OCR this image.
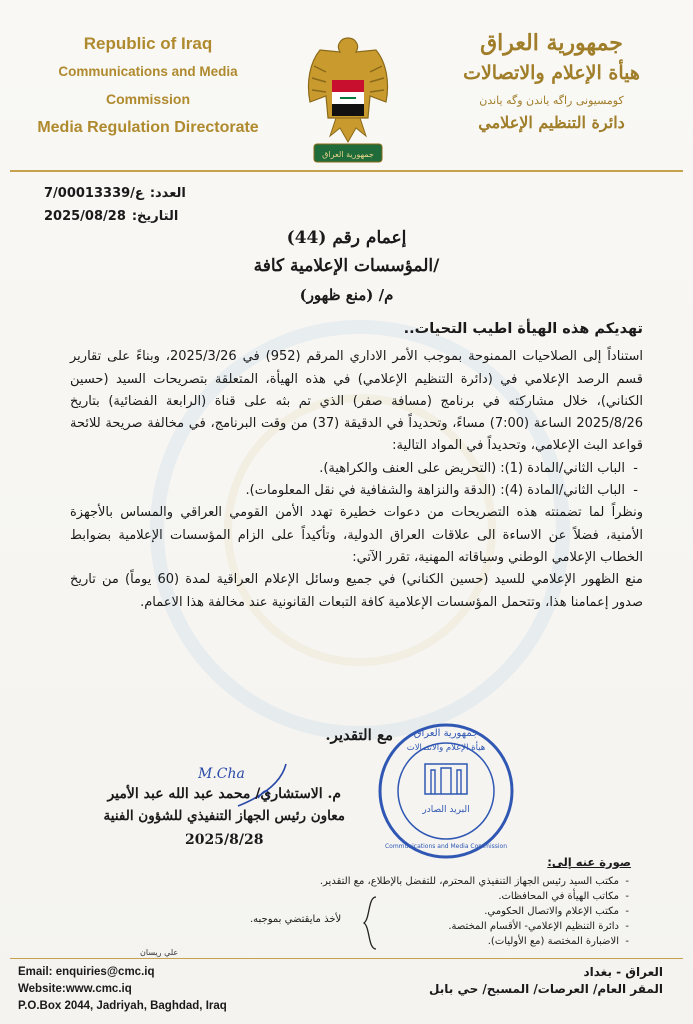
Republic of Iraq

Communications and Media

Commission

Media Regulation Directorate

جمهورية العراق

جمهورية العراق

هيأة الإعلام والاتصالات

كومسيونى راگه ياندن وگه ياندن

دائرة التنظيم الإعلامي

7/ع/00013339 العدد:
2025/08/28 التاريخ:

إعمام رقم (44)

/المؤسسات الإعلامية كافة

م/ (منع ظهور)

تهديكم هذه الهيأة اطيب التحيات..

استناداً إلى الصلاحيات الممنوحة بموجب الأمر الاداري المرقم (952) في 2025/3/26، وبناءً على تقارير قسم الرصد الإعلامي في (دائرة التنظيم الإعلامي) في هذه الهيأة، المتعلقة بتصريحات السيد (حسين الكناني)، خلال مشاركته في برنامج (مسافة صفر) الذي تم بثه على قناة (الرابعة الفضائية) بتاريخ 2025/8/26 الساعة (7:00) مساءً، وتحديداً في الدقيقة (37) من وقت البرنامج، في مخالفة صريحة للائحة قواعد البث الإعلامي، وتحديداً في المواد التالية:

- الباب الثاني/المادة (1): (التحريض على العنف والكراهية).
- الباب الثاني/المادة (4): (الدقة والنزاهة والشفافية في نقل المعلومات).

ونظراً لما تضمنته هذه التصريحات من دعوات خطيرة تهدد الأمن القومي العراقي والمساس بالأجهزة الأمنية، فضلاً عن الاساءة الى علاقات العراق الدولية، وتأكيداً على الزام المؤسسات الإعلامية بضوابط الخطاب الإعلامي الوطني وسياقاته المهنية، تقرر الآتي:

منع الظهور الإعلامي للسيد (حسين الكناني) في جميع وسائل الإعلام العراقية لمدة (60 يوماً) من تاريخ صدور إعمامنا هذا، وتتحمل المؤسسات الإعلامية كافة التبعات القانونية عند مخالفة هذا الاعمام.

مع التقدير.
M.Cha

م. الاستشاري/ محمد عبد الله عبد الأمير

معاون رئيس الجهاز التنفيذي للشؤون الفنية

2025/8/28

جمهورية العراق
هيأة الإعلام والاتصالات
البريد الصادر
Communications and Media Commission

صورة عنه إلى:

- مكتب السيد رئيس الجهاز التنفيذي المحترم، للتفضل بالإطلاع، مع التقدير.
- مكاتب الهيأة في المحافظات.
- مكتب الإعلام والاتصال الحكومي.
- دائرة التنظيم الإعلامي- الأقسام المختصة.
- الاضبارة المختصة (مع الأوليات).
لأخذ مايقتضي بموجبه.
علي ريسان
Email: enquiries@cmc.iq
Website:www.cmc.iq
P.O.Box 2044, Jadriyah, Baghdad, Iraq
العراق - بغداد
المقر العام/ العرصات/ المسبح/ حي بابل
